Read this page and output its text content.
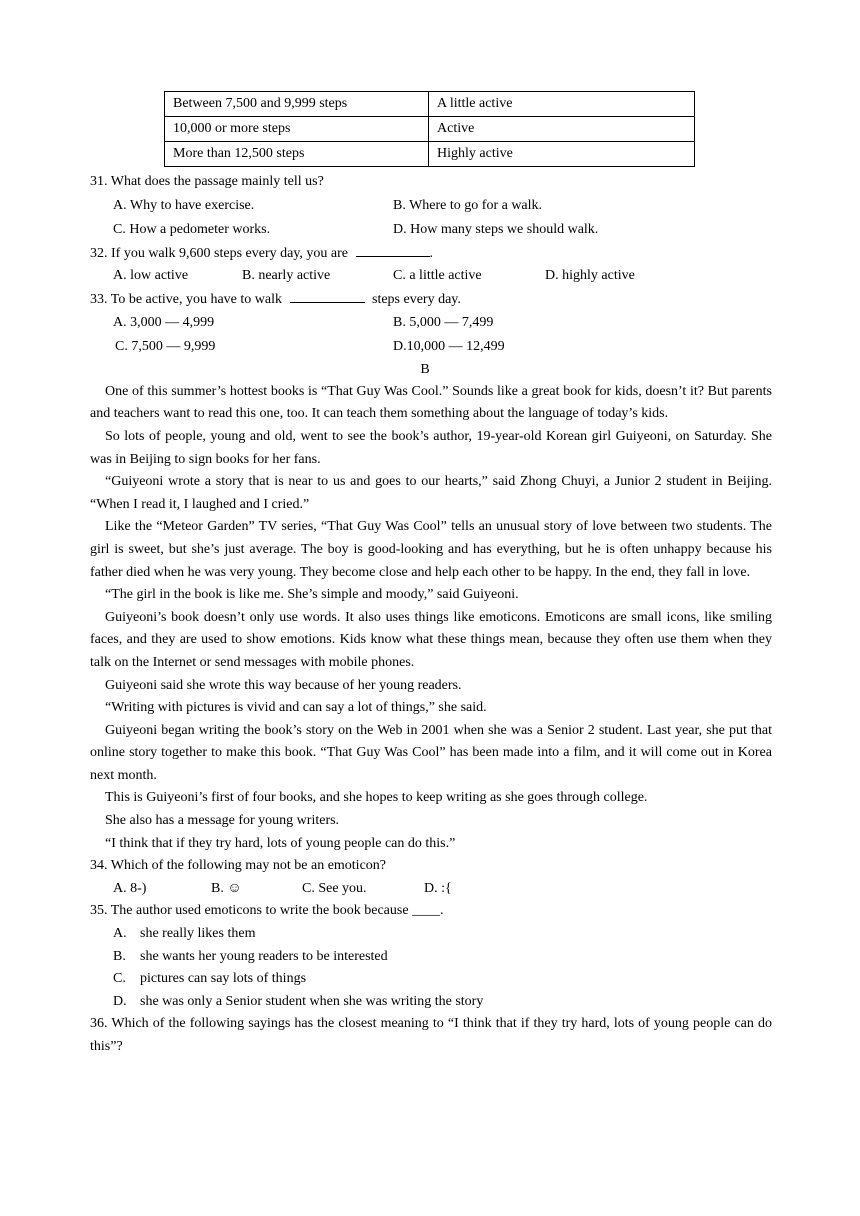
Between 7,500 and 9,999 steps	A little active
10,000 or more steps	Active
More than 12,500 steps	Highly active
31. What does the passage mainly tell us?
A. Why to have exercise.	B. Where to go for a walk.
C. How a pedometer works.	D. How many steps we should walk.
32. If you walk 9,600 steps every day, you are	.
A. low active	B. nearly active	C. a little active	D. highly active
33. To be active, you have to walk	steps every day.
A. 3,000 — 4,999	B. 5,000 — 7,499
C. 7,500 — 9,999	D.10,000 — 12,499
B

One of this summer’s hottest books is “That Guy Was Cool.” Sounds like a great book for kids, doesn’t it? But parents and teachers want to read this one, too. It can teach them something about the language of today’s kids.

So lots of people, young and old, went to see the book’s author, 19-year-old Korean girl Guiyeoni, on Saturday. She was in Beijing to sign books for her fans.

“Guiyeoni wrote a story that is near to us and goes to our hearts,” said Zhong Chuyi, a Junior 2 student in Beijing. “When I read it, I laughed and I cried.”

Like the “Meteor Garden” TV series, “That Guy Was Cool” tells an unusual story of love between two students. The girl is sweet, but she’s just average. The boy is good-looking and has everything, but he is often unhappy because his father died when he was very young. They become close and help each other to be happy. In the end, they fall in love.

“The girl in the book is like me. She’s simple and moody,” said Guiyeoni.

Guiyeoni’s book doesn’t only use words. It also uses things like emoticons. Emoticons are small icons, like smiling faces, and they are used to show emotions. Kids know what these things mean, because they often use them when they talk on the Internet or send messages with mobile phones.

Guiyeoni said she wrote this way because of her young readers.

“Writing with pictures is vivid and can say a lot of things,” she said.

Guiyeoni began writing the book’s story on the Web in 2001 when she was a Senior 2 student. Last year, she put that online story together to make this book. “That Guy Was Cool” has been made into a film, and it will come out in Korea next month.

This is Guiyeoni’s first of four books, and she hopes to keep writing as she goes through college.

She also has a message for young writers.

“I think that if they try hard, lots of young people can do this.”

34. Which of the following may not be an emoticon?
A. 8-)	B. ☺	C. See you.	D. :{
35. The author used emoticons to write the book because ____.
A. she really likes them
B.	she wants her young readers to be interested
C.	pictures can say lots of things
D. she was only a Senior student when she was writing the story
36. Which of the following sayings has the closest meaning to “I think that if they try hard, lots of young people can do this”?
